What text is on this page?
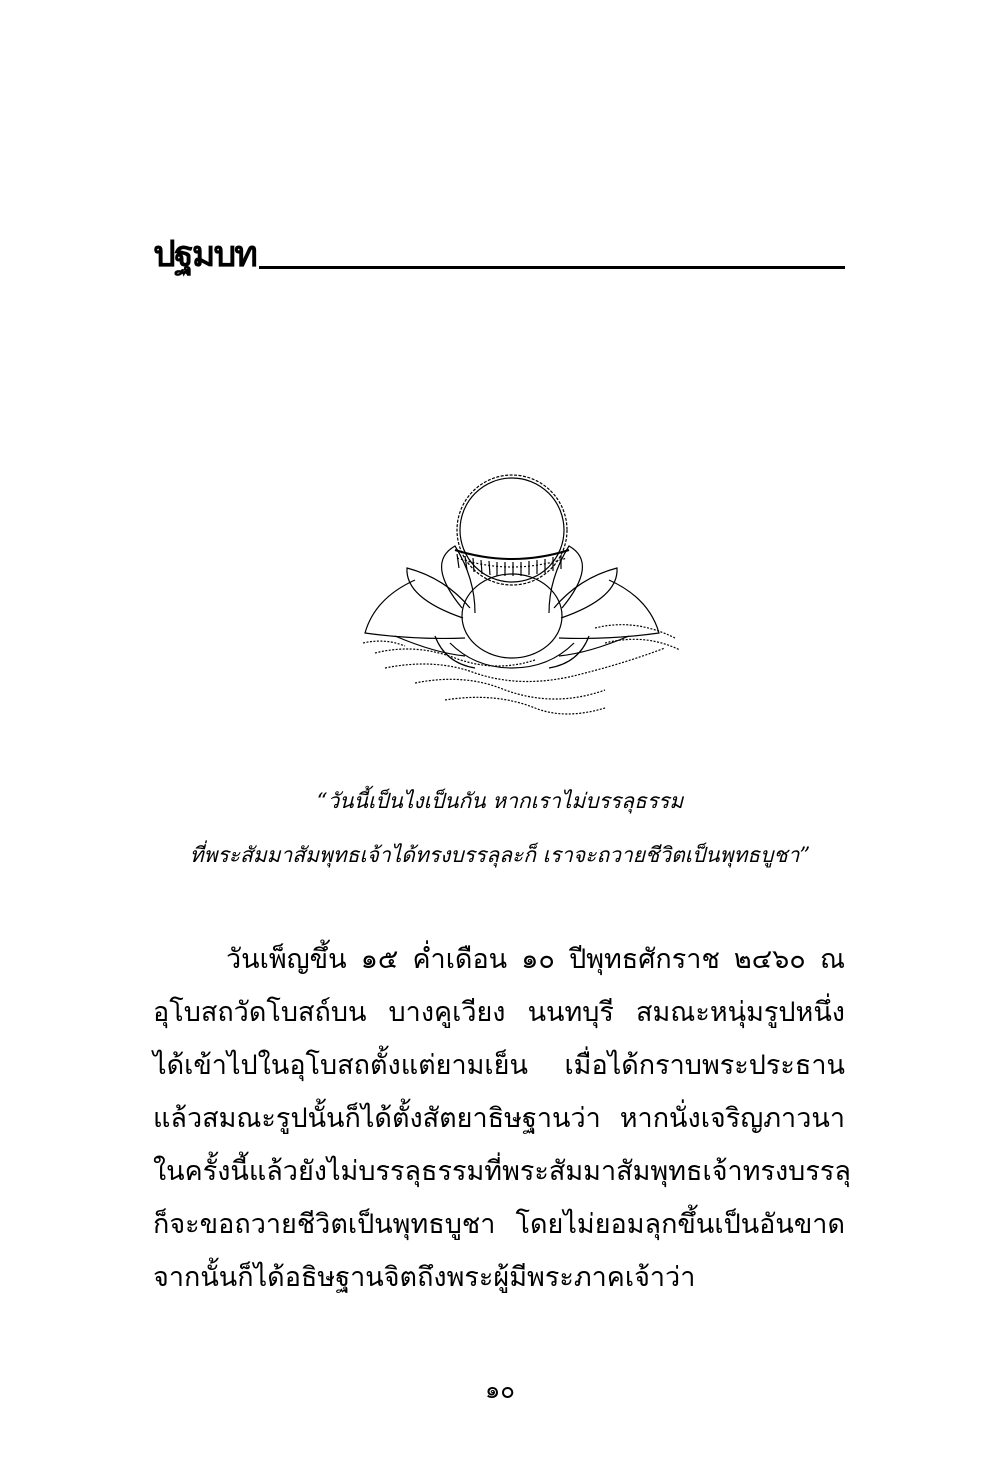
ปฐมบท
“วันนี้เป็นไงเป็นกัน หากเราไม่บรรลุธรรม
ที่พระสัมมาสัมพุทธเจ้าได้ทรงบรรลุละก็ เราจะถวายชีวิตเป็นพุทธบูชา”
วันเพ็ญขึ้น ๑๕ ค่ำเดือน ๑๐ ปีพุทธศักราช ๒๔๖๐ ณ
อุโบสถวัดโบสถ์บน บางคูเวียง นนทบุรี สมณะหนุ่มรูปหนึ่ง
ได้เข้าไปในอุโบสถตั้งแต่ยามเย็น เมื่อได้กราบพระประธาน
แล้วสมณะรูปนั้นก็ได้ตั้งสัตยาธิษฐานว่า หากนั่งเจริญภาวนา
ในครั้งนี้แล้วยังไม่บรรลุธรรมที่พระสัมมาสัมพุทธเจ้าทรงบรรลุ
ก็จะขอถวายชีวิตเป็นพุทธบูชา โดยไม่ยอมลุกขึ้นเป็นอันขาด
จากนั้นก็ได้อธิษฐานจิตถึงพระผู้มีพระภาคเจ้าว่า
๑๐
